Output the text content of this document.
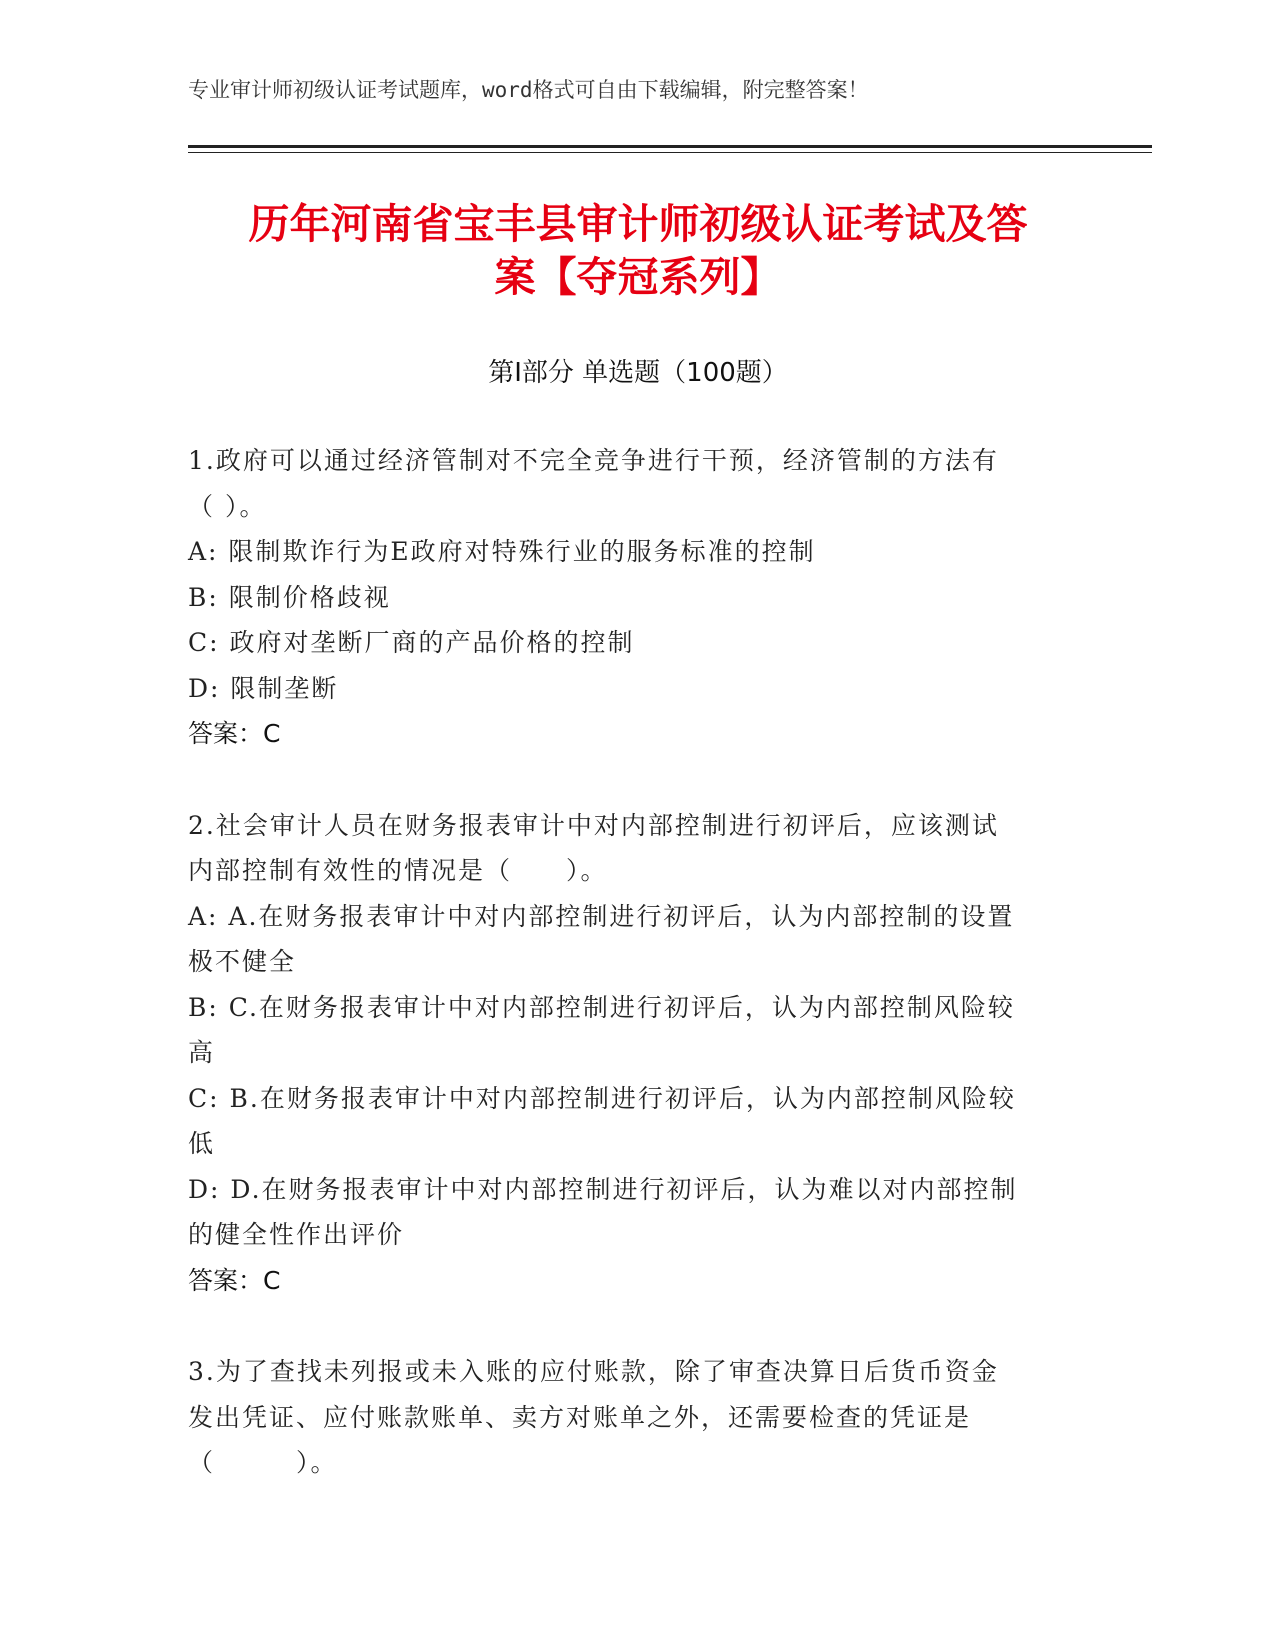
专业审计师初级认证考试题库，word格式可自由下载编辑，附完整答案！
历年河南省宝丰县审计师初级认证考试及答
案【夺冠系列】
第Ⅰ部分 单选题（100题）
1.政府可以通过经济管制对不完全竞争进行干预，经济管制的方法有
（ ）。
A: 限制欺诈行为E政府对特殊行业的服务标准的控制
B: 限制价格歧视
C: 政府对垄断厂商的产品价格的控制
D: 限制垄断
答案：C
2.社会审计人员在财务报表审计中对内部控制进行初评后，应该测试
内部控制有效性的情况是（　　）。
A: A.在财务报表审计中对内部控制进行初评后，认为内部控制的设置
极不健全
B: C.在财务报表审计中对内部控制进行初评后，认为内部控制风险较
高
C: B.在财务报表审计中对内部控制进行初评后，认为内部控制风险较
低
D: D.在财务报表审计中对内部控制进行初评后，认为难以对内部控制
的健全性作出评价
答案：C
3.为了查找未列报或未入账的应付账款，除了审查决算日后货币资金
发出凭证、应付账款账单、卖方对账单之外，还需要检查的凭证是
（　　　）。
